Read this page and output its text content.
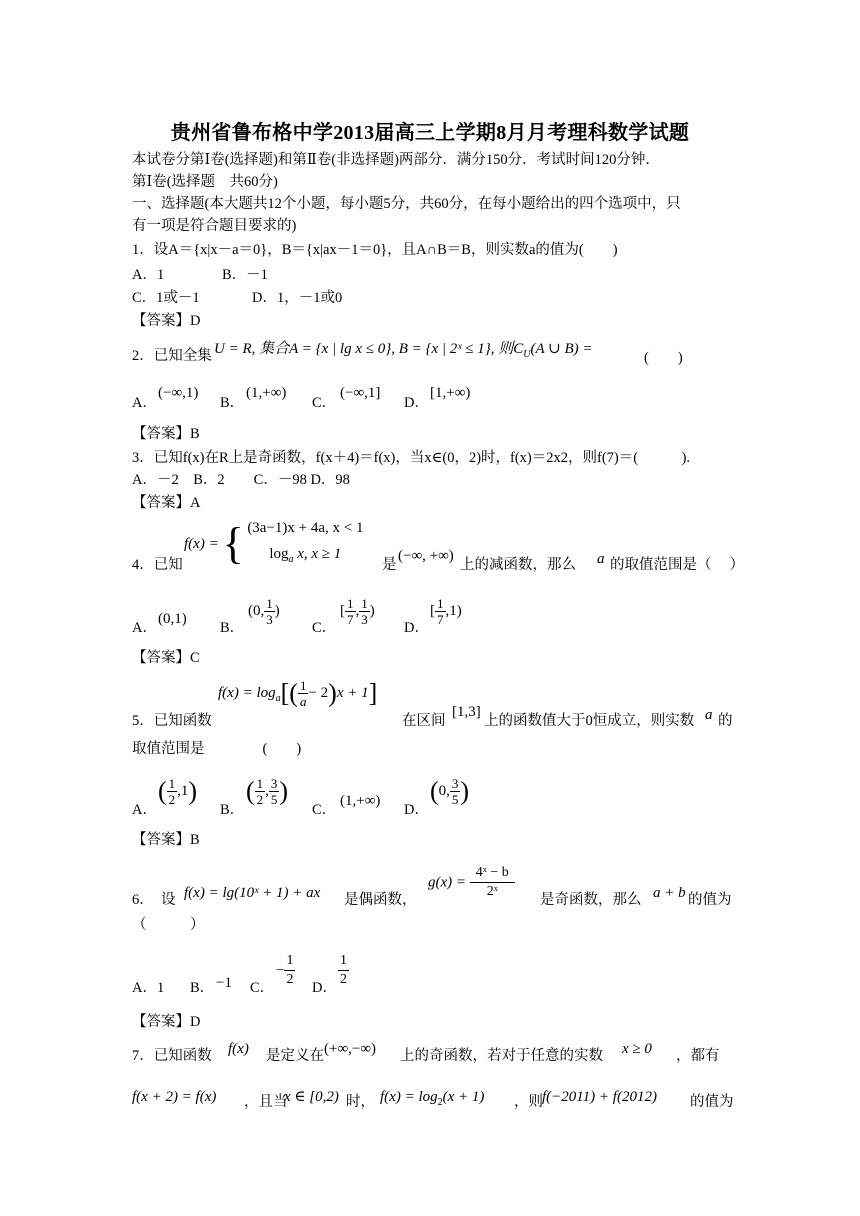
贵州省鲁布格中学2013届高三上学期8月月考理科数学试题
本试卷分第Ⅰ卷(选择题)和第Ⅱ卷(非选择题)两部分．满分150分．考试时间120分钟．
第Ⅰ卷(选择题　共60分)
一、选择题(本大题共12个小题，每小题5分，共60分，在每小题给出的四个选项中，只
有一项是符合题目要求的)
1．设A＝{x|x－a＝0}，B＝{x|ax－1＝0}，且A∩B＝B，则实数a的值为(　　)
A．1	B．－1
C．1或－1	D．1，－1或0
【答案】D
2．已知全集 U = R, 集合A = {x | lg x ≤ 0}, B = {x | 2ˣ ≤ 1}, 则$C_U(A$ ∪ B) =
(　　)
A．
(−∞,1)
B．
(1,+∞)
C．
(−∞,1]
D．
[1,+∞)
【答案】B
3．已知f(x)在R上是奇函数，f(x＋4)＝f(x)，当x∈(0，2)时，f(x)＝2x2，则f(7)＝(　　　).
A．－2　B．2　　C．－98 D．98
【答案】A
f(x) = { (3a−1)x + 4a, x < 1
$\log_a x$, x ≥ 1
4．已知	是
(−∞, +∞)
上的减函数，那么 a 的取值范围是（　 ）
A．
(0,1)
B．
(0, $\frac{1}{3}$ )
C．
[ $\frac{1}{7}$ , $\frac{1}{3}$ )
D．
[ $\frac{1}{7} ,1$)
【答案】C
$f(x) = \log_a[( \frac{1}{a} - 2)x + 1]$
5．已知函数	在区间
[1,3]
上的函数值大于0恒成立，则实数 a 的
取值范围是　　　　(　　)
A．
( $\frac{1}{2} ,1$)
B．
( $\frac{1}{2}$ , $\frac{3}{5}$ )
C．
(1,+∞)
D．
(0, $\frac{3}{5}$ )
【答案】B
6．　设 f(x) = lg(10ˣ + 1) + ax 是偶函数，
$g(x) = \frac{\text{4ˣ − b}}{\text{2ˣ}}$ 是奇函数，那么 a + b 的值为
（　　　）
A．1 B． −1 C．
− $\frac{1}{2}$ D． $\frac{1}{2}$
【答案】D
7．已知函数 f(x) 是定义在 (+∞,−∞) 上的奇函数，若对于任意的实数 x ≥ 0 ，都有
f(x + 2) = f(x) ，且当
x ∈ [0,2) 时， $f(x) = \log_2(x + 1)$ ，则 f(−2011) + f(2012) 的值为
